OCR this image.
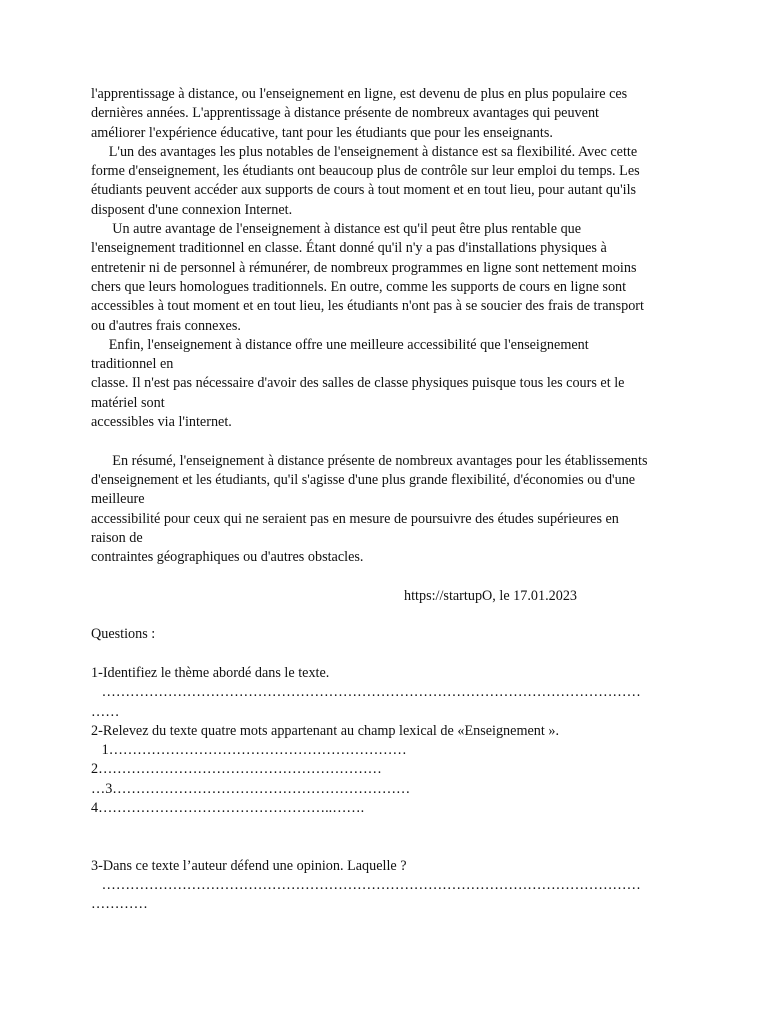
l'apprentissage à distance, ou l'enseignement en ligne, est devenu de plus en plus populaire ces
dernières années. L'apprentissage à distance présente de nombreux avantages qui peuvent
améliorer l'expérience éducative, tant pour les étudiants que pour les enseignants.
L'un des avantages les plus notables de l'enseignement à distance est sa flexibilité. Avec cette
forme d'enseignement, les étudiants ont beaucoup plus de contrôle sur leur emploi du temps. Les
étudiants peuvent accéder aux supports de cours à tout moment et en tout lieu, pour autant qu'ils
disposent d'une connexion Internet.
Un autre avantage de l'enseignement à distance est qu'il peut être plus rentable que
l'enseignement traditionnel en classe. Étant donné qu'il n'y a pas d'installations physiques à
entretenir ni de personnel à rémunérer, de nombreux programmes en ligne sont nettement moins
chers que leurs homologues traditionnels. En outre, comme les supports de cours en ligne sont
accessibles à tout moment et en tout lieu, les étudiants n'ont pas à se soucier des frais de transport
ou d'autres frais connexes.
Enfin, l'enseignement à distance offre une meilleure accessibilité que l'enseignement
traditionnel en
classe. Il n'est pas nécessaire d'avoir des salles de classe physiques puisque tous les cours et le
matériel sont
accessibles via l'internet.
En résumé, l'enseignement à distance présente de nombreux avantages pour les établissements
d'enseignement et les étudiants, qu'il s'agisse d'une plus grande flexibilité, d'économies ou d'une
meilleure
accessibilité pour ceux qui ne seraient pas en mesure de poursuivre des études supérieures en
raison de
contraintes géographiques ou d'autres obstacles.
https://startupO, le 17.01.2023
Questions :
1-Identifiez le thème abordé dans le texte.
……………………………………………………………………………………………………
……
2-Relevez du texte quatre mots appartenant au champ lexical de «Enseignement ».
1………………………………………………………
2……………………………………………………
…3………………………………………………………
4…………………………………………..…….
3-Dans ce texte l’auteur défend une opinion. Laquelle ?
……………………………………………………………………………………………………
…………
